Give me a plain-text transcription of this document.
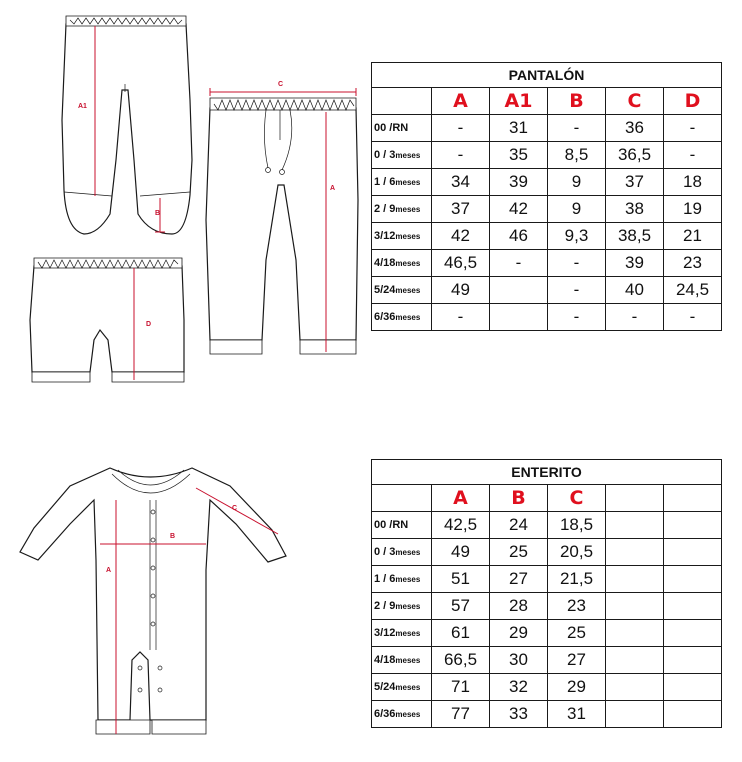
A1
B
C
A
D
A
B
C
PANTALÓN					
	A	A1	B	C	D
00 /RN	-	31	-	36	-
0 / 3meses	-	35	8,5	36,5	-
1 / 6meses	34	39	9	37	18
2 / 9meses	37	42	9	38	19
3/12meses	42	46	9,3	38,5	21
4/18meses	46,5	-	-	39	23
5/24meses	49		-	40	24,5
6/36meses	-		-	-	-
ENTERITO					
	A	B	C		
00 /RN	42,5	24	18,5		
0 / 3meses	49	25	20,5		
1 / 6meses	51	27	21,5		
2 / 9meses	57	28	23		
3/12meses	61	29	25		
4/18meses	66,5	30	27		
5/24meses	71	32	29		
6/36meses	77	33	31		
